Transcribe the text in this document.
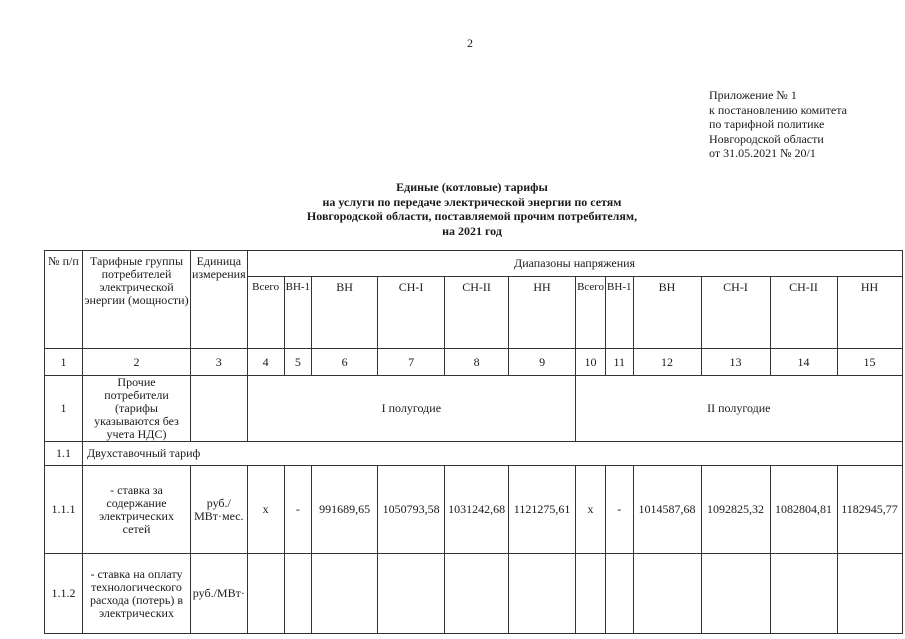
2
Приложение № 1
к постановлению комитета
по тарифной политике
Новгородской области
от 31.05.2021 № 20/1
Единые (котловые) тарифы
на услуги по передаче электрической энергии по сетям
Новгородской области, поставляемой прочим потребителям,
на 2021 год
№ п/п	Тарифные группы потребителей электрической энергии (мощности)	Единица измерения	Диапазоны напряжения											
			Всего	ВН-1	ВН	СН-I	СН-II	НН	Всего	ВН-1	ВН	СН-I	СН-II	НН
1	2	3	4	5	6	7	8	9	10	11	12	13	14	15
1	Прочие потребители (тарифы указываются без учета НДС)		I полугодие						II полугодие					
1.1	Двухставочный тариф													
1.1.1	- ставка за содержание электрических сетей	руб./МВт·мес.	х	-	991689,65	1050793,58	1031242,68	1121275,61	х	-	1014587,68	1092825,32	1082804,81	1182945,77
1.1.2	- ставка на оплату технологического расхода (потерь) в электрических	руб./МВт·												
